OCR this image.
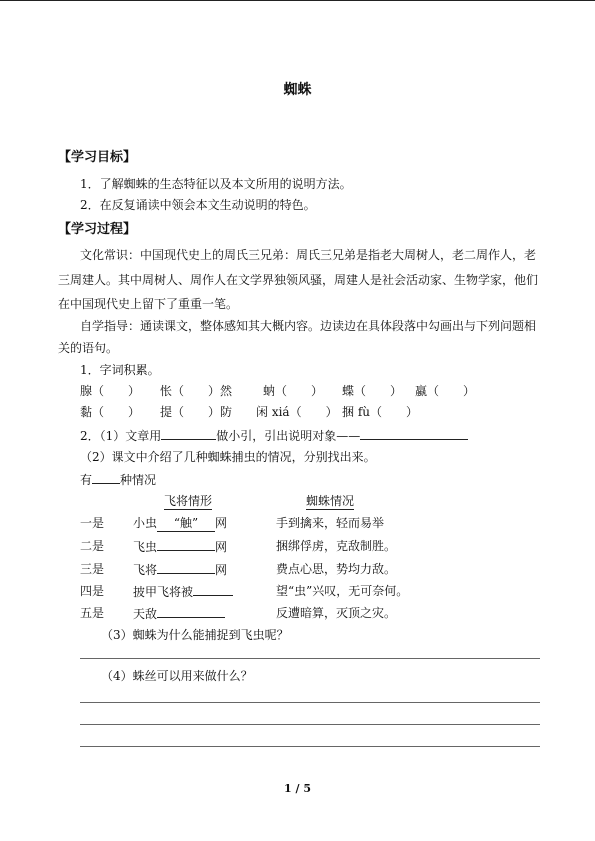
蜘蛛
【学习目标】
1．了解蜘蛛的生态特征以及本文所用的说明方法。
2．在反复诵读中领会本文生动说明的特色。
【学习过程】
文化常识：中国现代史上的周氏三兄弟：周氏三兄弟是指老大周树人，老二周作人，老
三周建人。其中周树人、周作人在文学界独领风骚，周建人是社会活动家、生物学家，他们
在中国现代史上留下了重重一笔。
自学指导：通读课文，整体感知其大概内容。边读边在具体段落中勾画出与下列问题相
关的语句。
1．字词积累。
腺（　　） 怅（　　）然	蚋（　　） 蝶（　　） 蠃（　　）
黏（　　） 提（　　）防 闲 xiá（　　） 捆 fù（　　）
2．（1）文章用	做小引，引出说明对象——
（2）课文中介绍了几种蜘蛛捕虫的情况，分别找出来。
有 种情况
飞将情形	蜘蛛情况
一是 小虫 “触” 网	手到擒来，轻而易举
二是 飞虫	网	捆绑俘虏，克敌制胜。
三是 飞将	网	费点心思，势均力敌。
四是 披甲飞将被	望“虫”兴叹，无可奈何。
五是 天敌	反遭暗算，灭顶之灾。
（3）蜘蛛为什么能捕捉到飞虫呢？
（4）蛛丝可以用来做什么？
1 / 5
